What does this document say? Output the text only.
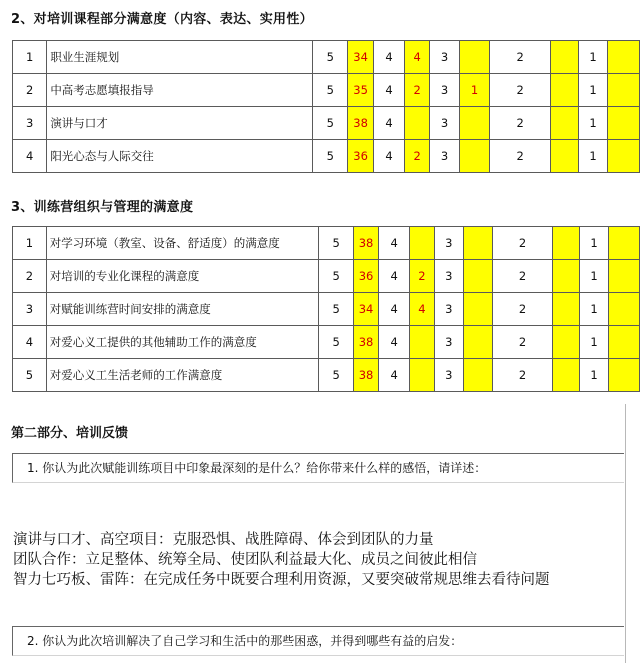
2、对培训课程部分满意度（内容、表达、实用性）
1	职业生涯规划	5	34	4	4	3		2		1	
2	中高考志愿填报指导	5	35	4	2	3	1	2		1	
3	演讲与口才	5	38	4		3		2		1	
4	阳光心态与人际交往	5	36	4	2	3		2		1	
3、训练营组织与管理的满意度
1	对学习环境（教室、设备、舒适度）的满意度	5	38	4		3		2		1	
2	对培训的专业化课程的满意度	5	36	4	2	3		2		1	
3	对赋能训练营时间安排的满意度	5	34	4	4	3		2		1	
4	对爱心义工提供的其他辅助工作的满意度	5	38	4		3		2		1	
5	对爱心义工生活老师的工作满意度	5	38	4		3		2		1	
第二部分、培训反馈
1. 你认为此次赋能训练项目中印象最深刻的是什么？给你带来什么样的感悟，请详述：
演讲与口才、高空项目：克服恐惧、战胜障碍、体会到团队的力量
团队合作：立足整体、统筹全局、使团队利益最大化、成员之间彼此相信
智力七巧板、雷阵：在完成任务中既要合理利用资源，又要突破常规思维去看待问题
2. 你认为此次培训解决了自己学习和生活中的那些困惑，并得到哪些有益的启发：
